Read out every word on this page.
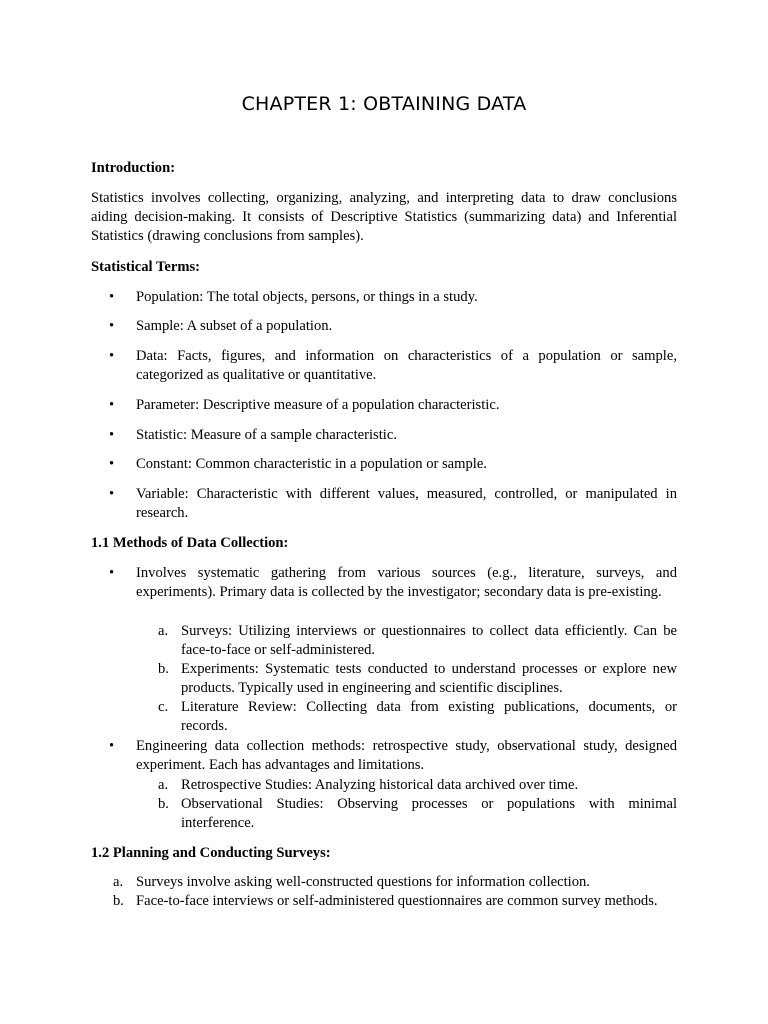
CHAPTER 1: OBTAINING DATA
Introduction:
Statistics involves collecting, organizing, analyzing, and interpreting data to draw conclusions aiding decision-making. It consists of Descriptive Statistics (summarizing data) and Inferential Statistics (drawing conclusions from samples).
Statistical Terms:
•	Population: The total objects, persons, or things in a study.
•	Sample: A subset of a population.
•	Data: Facts, figures, and information on characteristics of a population or sample, categorized as qualitative or quantitative.
•	Parameter: Descriptive measure of a population characteristic.
•	Statistic: Measure of a sample characteristic.
•	Constant: Common characteristic in a population or sample.
•	Variable: Characteristic with different values, measured, controlled, or manipulated in research.
1.1 Methods of Data Collection:
•	Involves systematic gathering from various sources (e.g., literature, surveys, and experiments). Primary data is collected by the investigator; secondary data is pre-existing.
a. Surveys: Utilizing interviews or questionnaires to collect data efficiently. Can be face-to-face or self-administered.
b. Experiments: Systematic tests conducted to understand processes or explore new products. Typically used in engineering and scientific disciplines.
c. Literature Review: Collecting data from existing publications, documents, or records.
•	Engineering data collection methods: retrospective study, observational study, designed experiment. Each has advantages and limitations.
a. Retrospective Studies: Analyzing historical data archived over time.
b. Observational Studies: Observing processes or populations with minimal interference.
1.2 Planning and Conducting Surveys:
a. Surveys involve asking well-constructed questions for information collection.
b. Face-to-face interviews or self-administered questionnaires are common survey methods.
